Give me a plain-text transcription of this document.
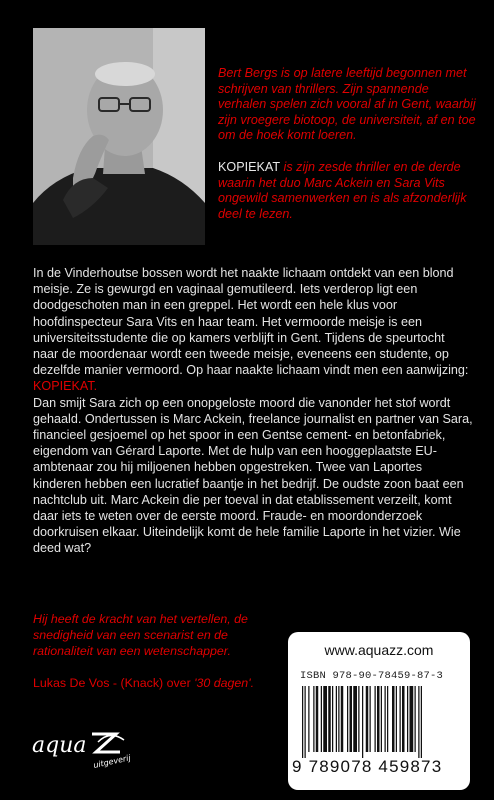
Bert Bergs is op latere leeftijd begonnen met schrijven van thrillers. Zijn spannende verhalen spelen zich vooral af in Gent, waarbij zijn vroegere biotoop, de universiteit, af en toe om de hoek komt loeren.

KOPIEKAT is zijn zesde thriller en de derde waarin het duo Marc Ackein en Sara Vits ongewild samenwerken en is als afzonderlijk deel te lezen.

In de Vinderhoutse bossen wordt het naakte lichaam ontdekt van een blond meisje. Ze is gewurgd en vaginaal gemutileerd. Iets verderop ligt een doodgeschoten man in een greppel. Het wordt een hele klus voor hoofdinspecteur Sara Vits en haar team. Het vermoorde meisje is een universiteitsstudente die op kamers verblijft in Gent. Tijdens de speurtocht naar de moordenaar wordt een tweede meisje, eveneens een studente, op dezelfde manier vermoord. Op haar naakte lichaam vindt men een aanwijzing:
KOPIEKAT.

Dan smijt Sara zich op een onopgeloste moord die vanonder het stof wordt gehaald. Ondertussen is Marc Ackein, freelance journalist en partner van Sara, financieel gesjoemel op het spoor in een Gentse cement- en betonfabriek, eigendom van Gérard Laporte. Met de hulp van een hooggeplaatste EU-ambtenaar zou hij miljoenen hebben opgestreken. Twee van Laportes kinderen hebben een lucratief baantje in het bedrijf. De oudste zoon baat een nachtclub uit. Marc Ackein die per toeval in dat etablissement verzeilt, komt daar iets te weten over de eerste moord. Fraude- en moordonderzoek doorkruisen elkaar. Uiteindelijk komt de hele familie Laporte in het vizier. Wie deed wat?

Hij heeft de kracht van het vertellen, de snedigheid van een scenarist en de rationaliteit van een wetenschapper.

Lukas De Vos - (Knack) over '30 dagen'.
aqua
uitgeverij
www.aquazz.com
ISBN 978-90-78459-87-3
9 789078 459873
